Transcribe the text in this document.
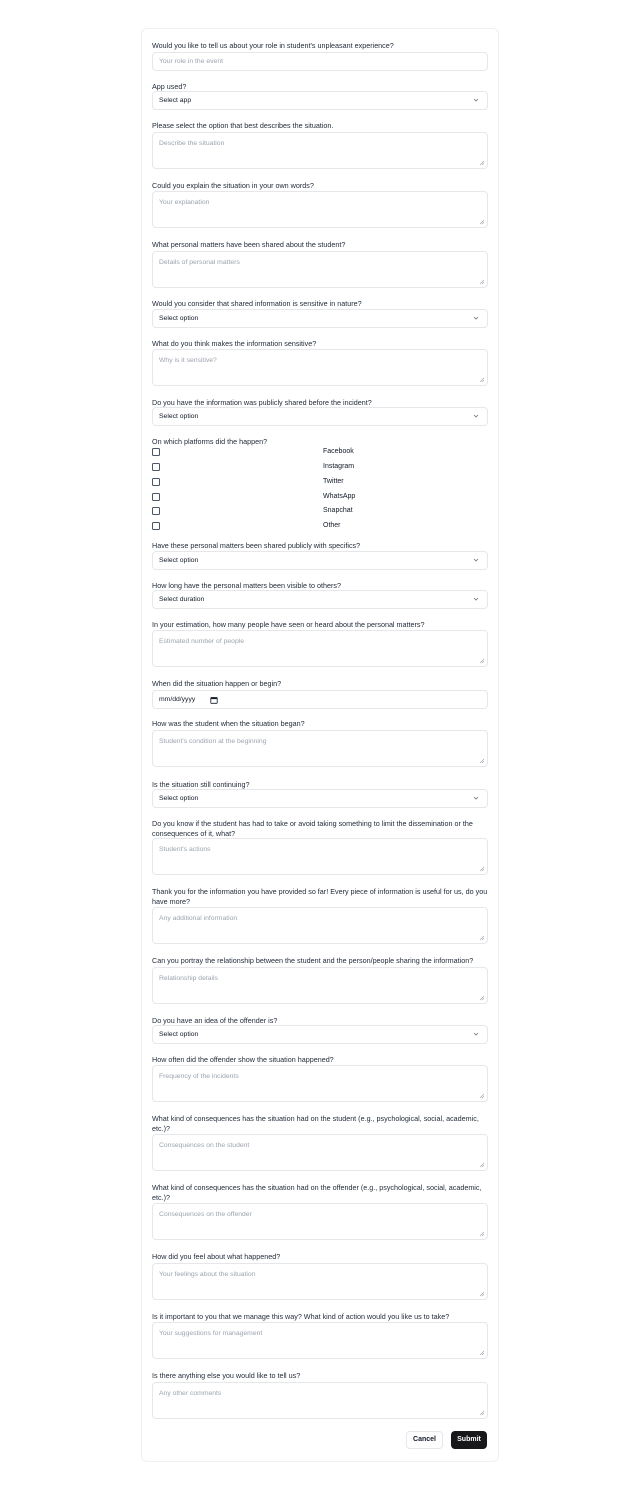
Would you like to tell us about your role in student's unpleasant experience?
Your role in the event
App used?
Select app
Please select the option that best describes the situation.
Describe the situation
Could you explain the situation in your own words?
Your explanation
What personal matters have been shared about the student?
Details of personal matters
Would you consider that shared information is sensitive in nature?
Select option
What do you think makes the information sensitive?
Why is it sensitive?
Do you have the information was publicly shared before the incident?
Select option
On which platforms did the happen?
Facebook
Instagram
Twitter
WhatsApp
Snapchat
Other
Have these personal matters been shared publicly with specifics?
Select option
How long have the personal matters been visible to others?
Select duration
In your estimation, how many people have seen or heard about the personal matters?
Estimated number of people
When did the situation happen or begin?
mm/dd/yyyy
How was the student when the situation began?
Student's condition at the beginning
Is the situation still continuing?
Select option
Do you know if the student has had to take or avoid taking something to limit the dissemination or the consequences of it, what?
Student's actions
Thank you for the information you have provided so far! Every piece of information is useful for us, do you have more?
Any additional information
Can you portray the relationship between the student and the person/people sharing the information?
Relationship details
Do you have an idea of the offender is?
Select option
How often did the offender show the situation happened?
Frequency of the incidents
What kind of consequences has the situation had on the student (e.g., psychological, social, academic, etc.)?
Consequences on the student
What kind of consequences has the situation had on the offender (e.g., psychological, social, academic, etc.)?
Consequences on the offender
How did you feel about what happened?
Your feelings about the situation
Is it important to you that we manage this way? What kind of action would you like us to take?
Your suggestions for management
Is there anything else you would like to tell us?
Any other comments
Cancel	Submit
